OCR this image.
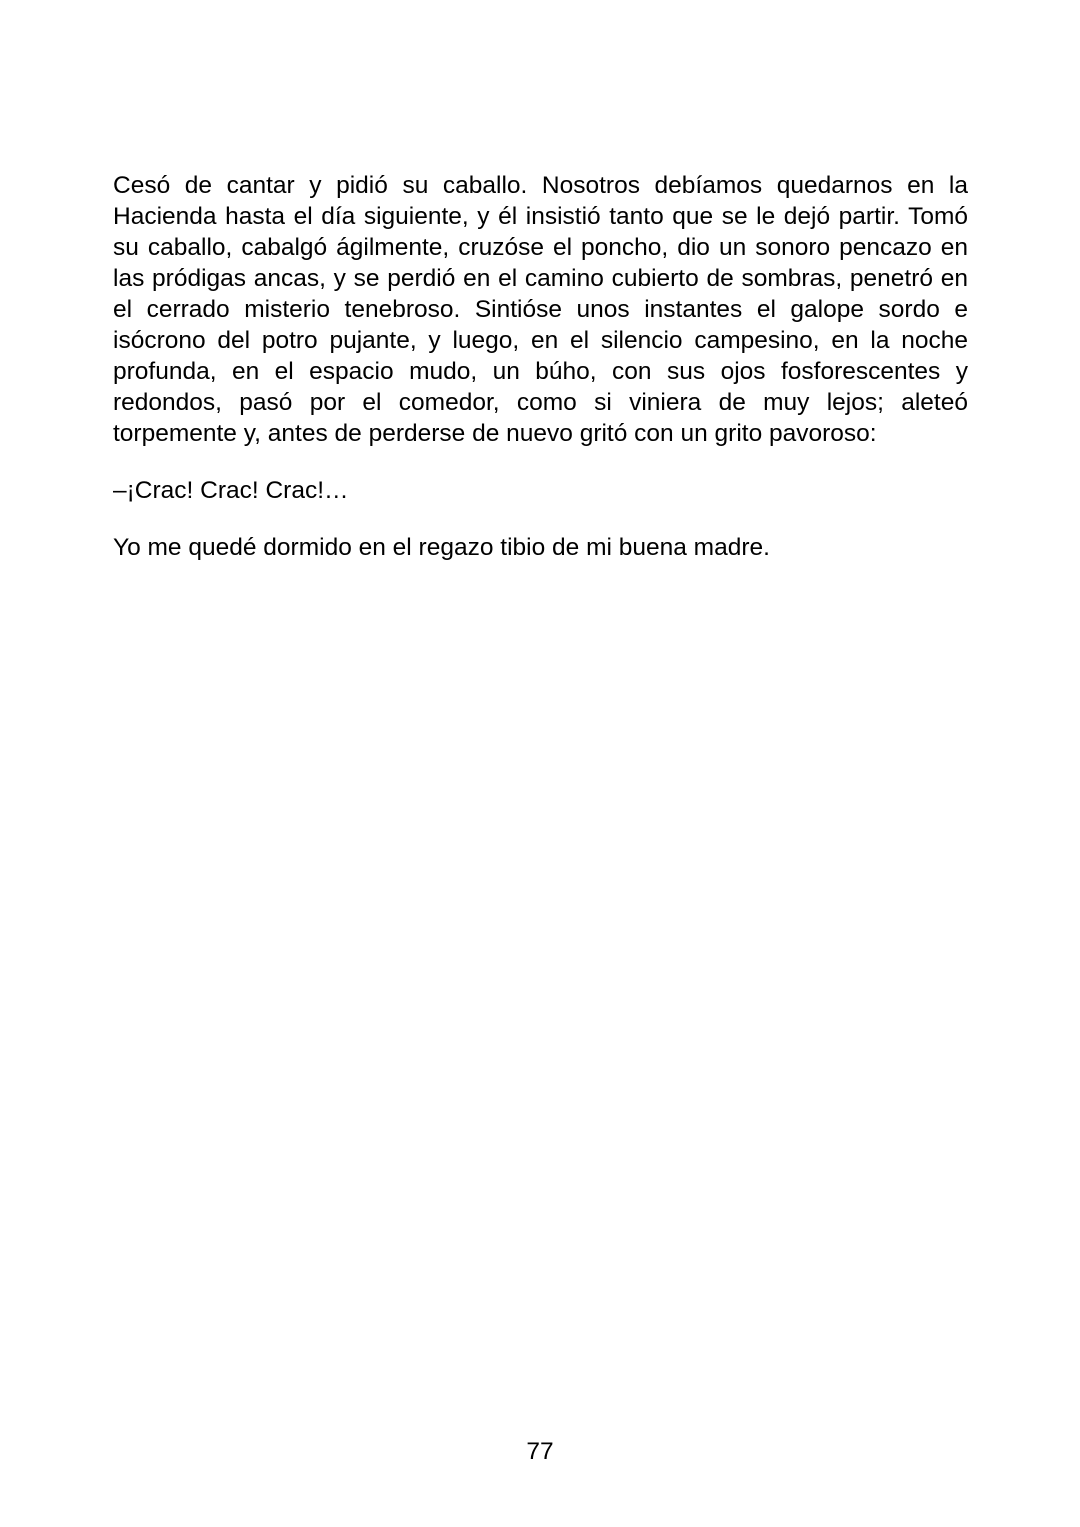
Cesó de cantar y pidió su caballo. Nosotros debíamos quedarnos en la Hacienda hasta el día siguiente, y él insistió tanto que se le dejó partir. Tomó su caballo, cabalgó ágilmente, cruzóse el poncho, dio un sonoro pencazo en las pródigas ancas, y se perdió en el camino cubierto de sombras, penetró en el cerrado misterio tenebroso. Sintióse unos instantes el galope sordo e isócrono del potro pujante, y luego, en el silencio campesino, en la noche profunda, en el espacio mudo, un búho, con sus ojos fosforescentes y redondos, pasó por el comedor, como si viniera de muy lejos; aleteó torpemente y, antes de perderse de nuevo gritó con un grito pavoroso:

–¡Crac! Crac! Crac!…

Yo me quedé dormido en el regazo tibio de mi buena madre.

77
